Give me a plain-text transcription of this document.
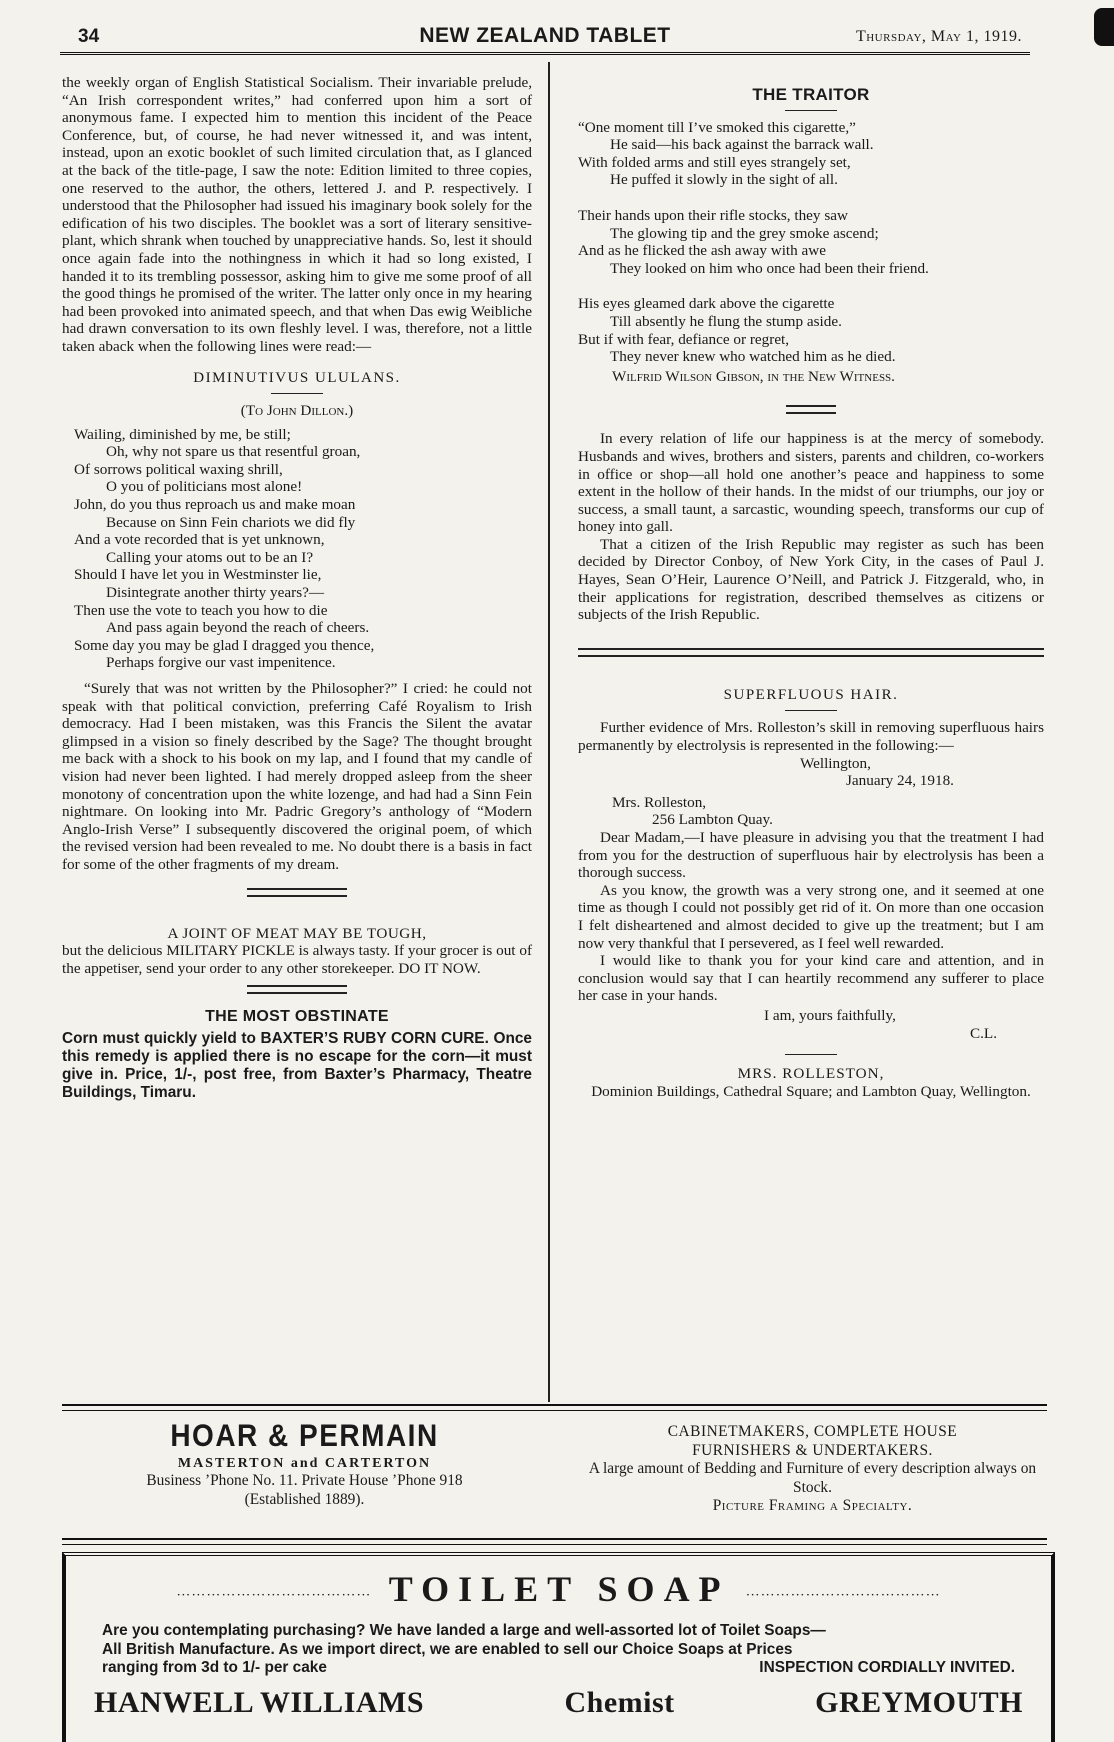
34	NEW ZEALAND TABLET	Thursday, May 1, 1919.

the weekly organ of English Statistical Socialism. Their invariable prelude, “An Irish correspondent writes,” had conferred upon him a sort of anonymous fame. I expected him to mention this incident of the Peace Conference, but, of course, he had never witnessed it, and was intent, instead, upon an exotic booklet of such limited circulation that, as I glanced at the back of the title-page, I saw the note: Edition limited to three copies, one reserved to the author, the others, lettered J. and P. respectively. I understood that the Philosopher had issued his imaginary book solely for the edification of his two disciples. The booklet was a sort of literary sensitive-plant, which shrank when touched by unappreciative hands. So, lest it should once again fade into the nothingness in which it had so long existed, I handed it to its trembling possessor, asking him to give me some proof of all the good things he promised of the writer. The latter only once in my hearing had been provoked into animated speech, and that when Das ewig Weibliche had drawn conversation to its own fleshly level. I was, therefore, not a little taken aback when the following lines were read:—

DIMINUTIVUS ULULANS.
(To John Dillon.)
Wailing, diminished by me, be still;
Oh, why not spare us that resentful groan,
Of sorrows political waxing shrill,
O you of politicians most alone!
John, do you thus reproach us and make moan
Because on Sinn Fein chariots we did fly
And a vote recorded that is yet unknown,
Calling your atoms out to be an I?
Should I have let you in Westminster lie,
Disintegrate another thirty years?—
Then use the vote to teach you how to die
And pass again beyond the reach of cheers.
Some day you may be glad I dragged you thence,
Perhaps forgive our vast impenitence.

“Surely that was not written by the Philosopher?” I cried: he could not speak with that political conviction, preferring Café Royalism to Irish democracy. Had I been mistaken, was this Francis the Silent the avatar glimpsed in a vision so finely described by the Sage? The thought brought me back with a shock to his book on my lap, and I found that my candle of vision had never been lighted. I had merely dropped asleep from the sheer monotony of concentration upon the white lozenge, and had had a Sinn Fein nightmare. On looking into Mr. Padric Gregory’s anthology of “Modern Anglo-Irish Verse” I subsequently discovered the original poem, of which the revised version had been revealed to me. No doubt there is a basis in fact for some of the other fragments of my dream.

A JOINT OF MEAT MAY BE TOUGH,

but the delicious MILITARY PICKLE is always tasty. If your grocer is out of the appetiser, send your order to any other storekeeper. DO IT NOW.

THE MOST OBSTINATE

Corn must quickly yield to BAXTER’S RUBY CORN CURE. Once this remedy is applied there is no escape for the corn—it must give in. Price, 1/-, post free, from Baxter’s Pharmacy, Theatre Buildings, Timaru.

THE TRAITOR
“One moment till I’ve smoked this cigarette,”
He said—his back against the barrack wall.
With folded arms and still eyes strangely set,
He puffed it slowly in the sight of all.
Their hands upon their rifle stocks, they saw
The glowing tip and the grey smoke ascend;
And as he flicked the ash away with awe
They looked on him who once had been their friend.
His eyes gleamed dark above the cigarette
Till absently he flung the stump aside.
But if with fear, defiance or regret,
They never knew who watched him as he died.
Wilfrid Wilson Gibson, in the New Witness.

In every relation of life our happiness is at the mercy of somebody. Husbands and wives, brothers and sisters, parents and children, co-workers in office or shop—all hold one another’s peace and happiness to some extent in the hollow of their hands. In the midst of our triumphs, our joy or success, a small taunt, a sarcastic, wounding speech, transforms our cup of honey into gall.

That a citizen of the Irish Republic may register as such has been decided by Director Conboy, of New York City, in the cases of Paul J. Hayes, Sean O’Heir, Laurence O’Neill, and Patrick J. Fitzgerald, who, in their applications for registration, described themselves as citizens or subjects of the Irish Republic.

SUPERFLUOUS HAIR.

Further evidence of Mrs. Rolleston’s skill in removing superfluous hairs permanently by electrolysis is represented in the following:—

Wellington,
January 24, 1918.
Mrs. Rolleston,
256 Lambton Quay.

Dear Madam,—I have pleasure in advising you that the treatment I had from you for the destruction of superfluous hair by electrolysis has been a thorough success.

As you know, the growth was a very strong one, and it seemed at one time as though I could not possibly get rid of it. On more than one occasion I felt disheartened and almost decided to give up the treatment; but I am now very thankful that I persevered, as I feel well rewarded.

I would like to thank you for your kind care and attention, and in conclusion would say that I can heartily recommend any sufferer to place her case in your hands.

I am, yours faithfully,
C.L.
MRS. ROLLESTON,
Dominion Buildings, Cathedral Square; and Lambton Quay, Wellington.
HOAR & PERMAIN
MASTERTON and CARTERTON
Business ’Phone No. 11. Private House ’Phone 918
(Established 1889).
CABINETMAKERS, COMPLETE HOUSE
FURNISHERS & UNDERTAKERS.
A large amount of Bedding and Furniture of every description always on Stock.
Picture Framing a Specialty.
………………………………… TOILET SOAP …………………………………
Are you contemplating purchasing? We have landed a large and well-assorted lot of Toilet Soaps—
All British Manufacture. As we import direct, we are enabled to sell our Choice Soaps at Prices
ranging from 3d to 1/- per cake	INSPECTION CORDIALLY INVITED.
HANWELL WILLIAMS	Chemist	GREYMOUTH
